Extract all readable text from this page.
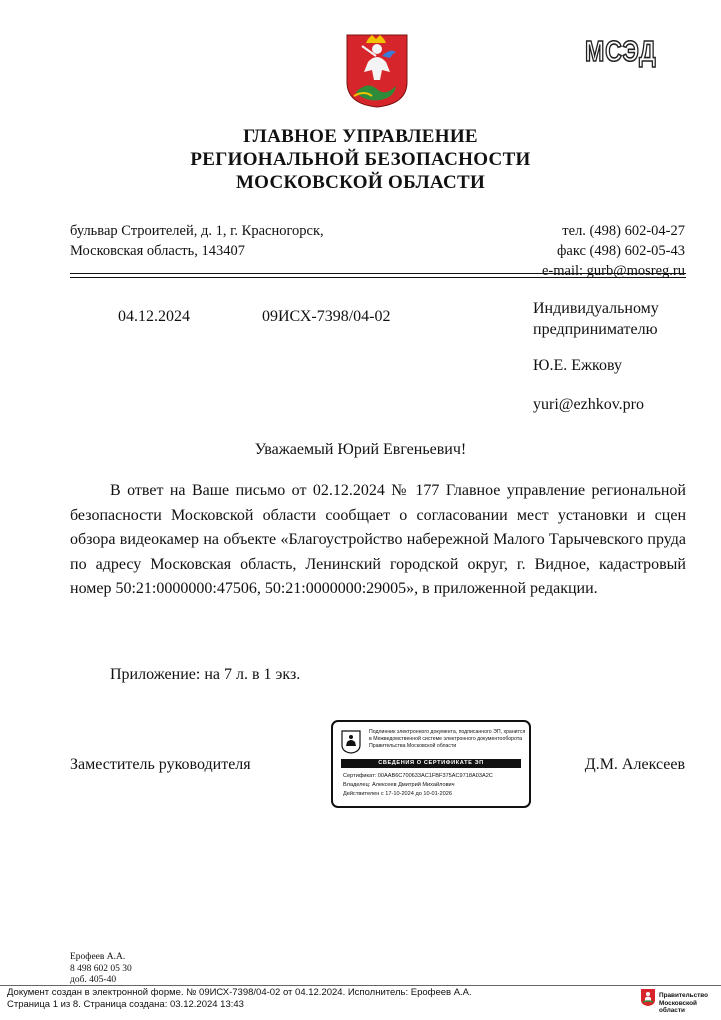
МСЭД
ГЛАВНОЕ УПРАВЛЕНИЕ
РЕГИОНАЛЬНОЙ БЕЗОПАСНОСТИ
МОСКОВСКОЙ ОБЛАСТИ
бульвар Строителей, д. 1, г. Красногорск,
Московская область, 143407
тел. (498) 602-04-27
факс (498) 602-05-43
e-mail: gurb@mosreg.ru
04.12.2024	09ИСХ-7398/04-02	Индивидуальному
предпринимателю
Ю.Е. Ежкову
yuri@ezhkov.pro
Уважаемый Юрий Евгеньевич!
В ответ на Ваше письмо от 02.12.2024 № 177 Главное управление региональной безопасности Московской области сообщает о согласовании мест установки и сцен обзора видеокамер на объекте «Благоустройство набережной Малого Тарычевского пруда по адресу Московская область, Ленинский городской округ, г. Видное, кадастровый номер 50:21:0000000:47506, 50:21:0000000:29005», в приложенной редакции.
Приложение: на 7 л. в 1 экз.
Заместитель руководителя
Подлинник электронного документа, подписанного ЭП, хранится в Межведомственной системе электронного документооборота Правительства Московской области
СВЕДЕНИЯ О СЕРТИФИКАТЕ ЭП
Сертификат: 00AAB6C700633AC1FBF375AC9718A03A2C
Владелец: Алексеев Дмитрий Михайлович
Действителен с 17-10-2024 до 10-01-2026
Д.М. Алексеев
Ерофеев А.А.
8 498 602 05 30
доб. 405-40
Документ создан в электронной форме. № 09ИСХ-7398/04-02 от 04.12.2024. Исполнитель: Ерофеев А.А.
Страница 1 из 8. Страница создана: 03.12.2024 13:43
Правительство
Московской области
